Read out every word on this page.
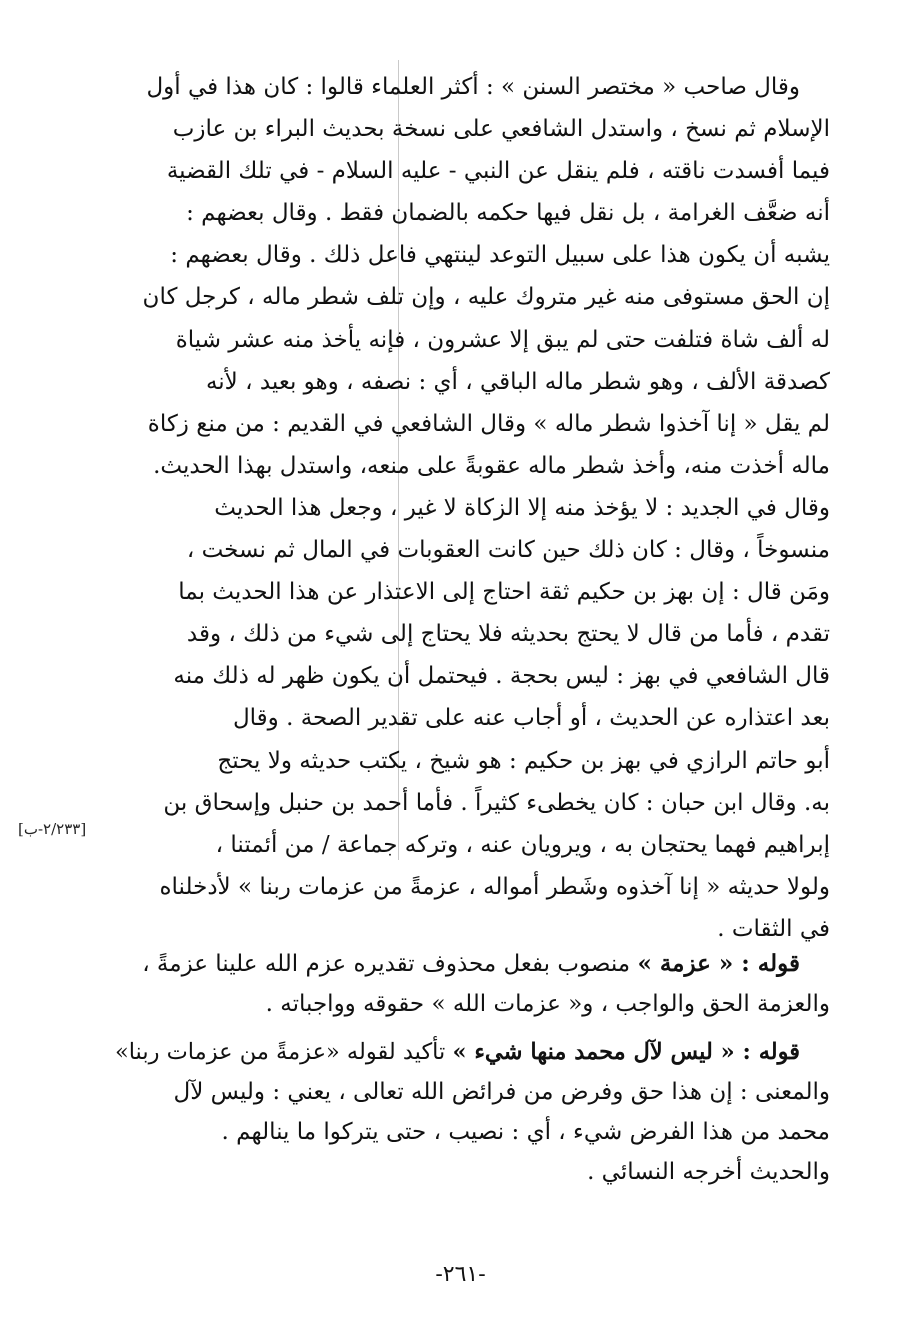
[٢/٢٣٣-ب]
وقال صاحب « مختصر السنن » : أكثر العلماء قالوا : كان هذا في أول
الإسلام ثم نسخ ، واستدل الشافعي على نسخة بحديث البراء بن عازب
فيما أفسدت ناقته ، فلم ينقل عن النبي - عليه السلام - في تلك القضية
أنه ضعَّف الغرامة ، بل نقل فيها حكمه بالضمان فقط . وقال بعضهم :
يشبه أن يكون هذا على سبيل التوعد لينتهي فاعل ذلك . وقال بعضهم :
إن الحق مستوفى منه غير متروك عليه ، وإن تلف شطر ماله ، كرجل كان
له ألف شاة فتلفت حتى لم يبق إلا عشرون ، فإنه يأخذ منه عشر شياة
كصدقة الألف ، وهو شطر ماله الباقي ، أي : نصفه ، وهو بعيد ، لأنه
لم يقل « إنا آخذوا شطر ماله » وقال الشافعي في القديم : من منع زكاة
ماله أخذت منه، وأخذ شطر ماله عقوبةً على منعه، واستدل بهذا الحديث.
وقال في الجديد : لا يؤخذ منه إلا الزكاة لا غير ، وجعل هذا الحديث
منسوخاً ، وقال : كان ذلك حين كانت العقوبات في المال ثم نسخت ،
ومَن قال : إن بهز بن حكيم ثقة احتاج إلى الاعتذار عن هذا الحديث بما
تقدم ، فأما من قال لا يحتج بحديثه فلا يحتاج إلى شيء من ذلك ، وقد
قال الشافعي في بهز : ليس بحجة . فيحتمل أن يكون ظهر له ذلك منه
بعد اعتذاره عن الحديث ، أو أجاب عنه على تقدير الصحة . وقال
أبو حاتم الرازي في بهز بن حكيم : هو شيخ ، يكتب حديثه ولا يحتج
به. وقال ابن حبان : كان يخطىء كثيراً . فأما أحمد بن حنبل وإسحاق بن
إبراهيم فهما يحتجان به ، ويرويان عنه ، وتركه جماعة / من أئمتنا ،
ولولا حديثه « إنا آخذوه وشَطر أمواله ، عزمةً من عزمات ربنا » لأدخلناه
في الثقات .
قوله : « عزمة » منصوب بفعل محذوف تقديره عزم الله علينا عزمةً ،
والعزمة الحق والواجب ، و« عزمات الله » حقوقه وواجباته .
قوله : « ليس لآل محمد منها شيء » تأكيد لقوله «عزمةً من عزمات ربنا»
والمعنى : إن هذا حق وفرض من فرائض الله تعالى ، يعني : وليس لآل
محمد من هذا الفرض شيء ، أي : نصيب ، حتى يتركوا ما ينالهم .
والحديث أخرجه النسائي .
-٢٦١-
